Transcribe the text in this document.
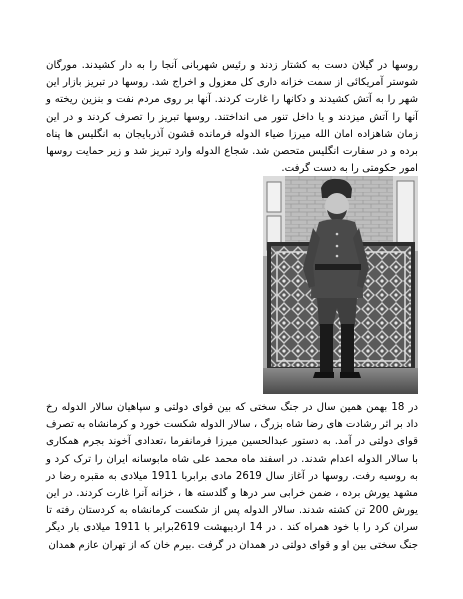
روسها در گیلان دست به کشتار زدند و رئیس شهربانی آنجا را به دار کشیدند. مورگان شوستر آمریکائی از سمت خزانه داری کل معزول و اخراج شد. روسها در تبریز بازار این شهر را به آتش کشیدند و دکانها را غارت کردند. آنها بر روی مردم نفت و بنزین ریخته و آنها را آتش میزدند و یا داخل تنور می انداختند. روسها تبریز را تصرف کردند و در این زمان شاهزاده امان الله میرزا ضیاء الدوله فرمانده قشون آذربایجان به انگلیس ها پناه برده و در سفارت انگلیس متحصن شد. شجاع الدوله وارد تبریز شد و زیر حمایت روسها امور حکومتی را به دست گرفت.

در 18 بهمن همین سال در جنگ سختی که بین قوای دولتی و سپاهیان سالار الدوله رخ داد بر اثر رشادت های رضا شاه بزرگ ، سالار الدوله شکست خورد و کرمانشاه به تصرف قوای دولتی در آمد. به دستور عبدالحسین میرزا فرمانفرما ،تعدادی آخوند بجرم همکاری با سالار الدوله اعدام شدند. در اسفند ماه محمد علی شاه مابوسانه ایران را ترک کرد و به روسیه رفت. روسها در آغاز سال 2619 مادی برابربا 1911 میلادی به مقبره رضا در مشهد یورش برده ، ضمن خرابی سر درها و گلدسته ها ، خزانه آنرا غارت کردند. در این یورش 200 تن کشته شدند. سالار الدوله پس از شکست کرمانشاه به کردستان رفته تا سران کرد را با خود همراه کند . در 14 اردیبهشت 2619برابر با 1911 میلادی بار دیگر جنگ سختی بین او و قوای دولتی در همدان در گرفت .بیرم خان که از تهران عازم همدان
